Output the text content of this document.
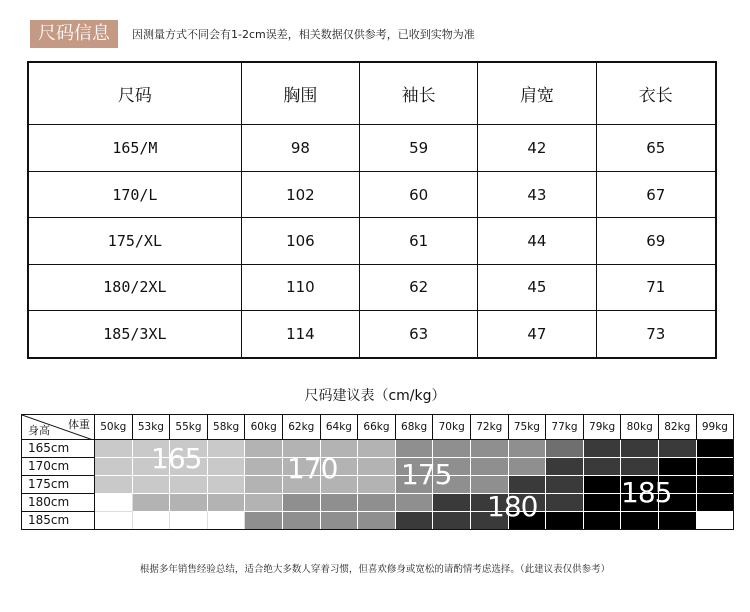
尺码信息	因测量方式不同会有1-2cm误差，相关数据仅供参考，已收到实物为准
尺码	胸围	袖长	肩宽	衣长
165/M	98	59	42	65
170/L	102	60	43	67
175/XL	106	61	44	69
180/2XL	110	62	45	71
185/3XL	114	63	47	73
尺码建议表（cm/kg）
体重
身高	50kg	53kg	55kg	58kg	60kg	62kg	64kg	66kg	68kg	70kg	72kg	75kg	77kg	79kg	80kg	82kg	99kg
165cm
170cm
175cm
180cm
185cm
165	170 175
180	185
根据多年销售经验总结，适合绝大多数人穿着习惯，但喜欢修身或宽松的请酌情考虑选择。（此建议表仅供参考）
